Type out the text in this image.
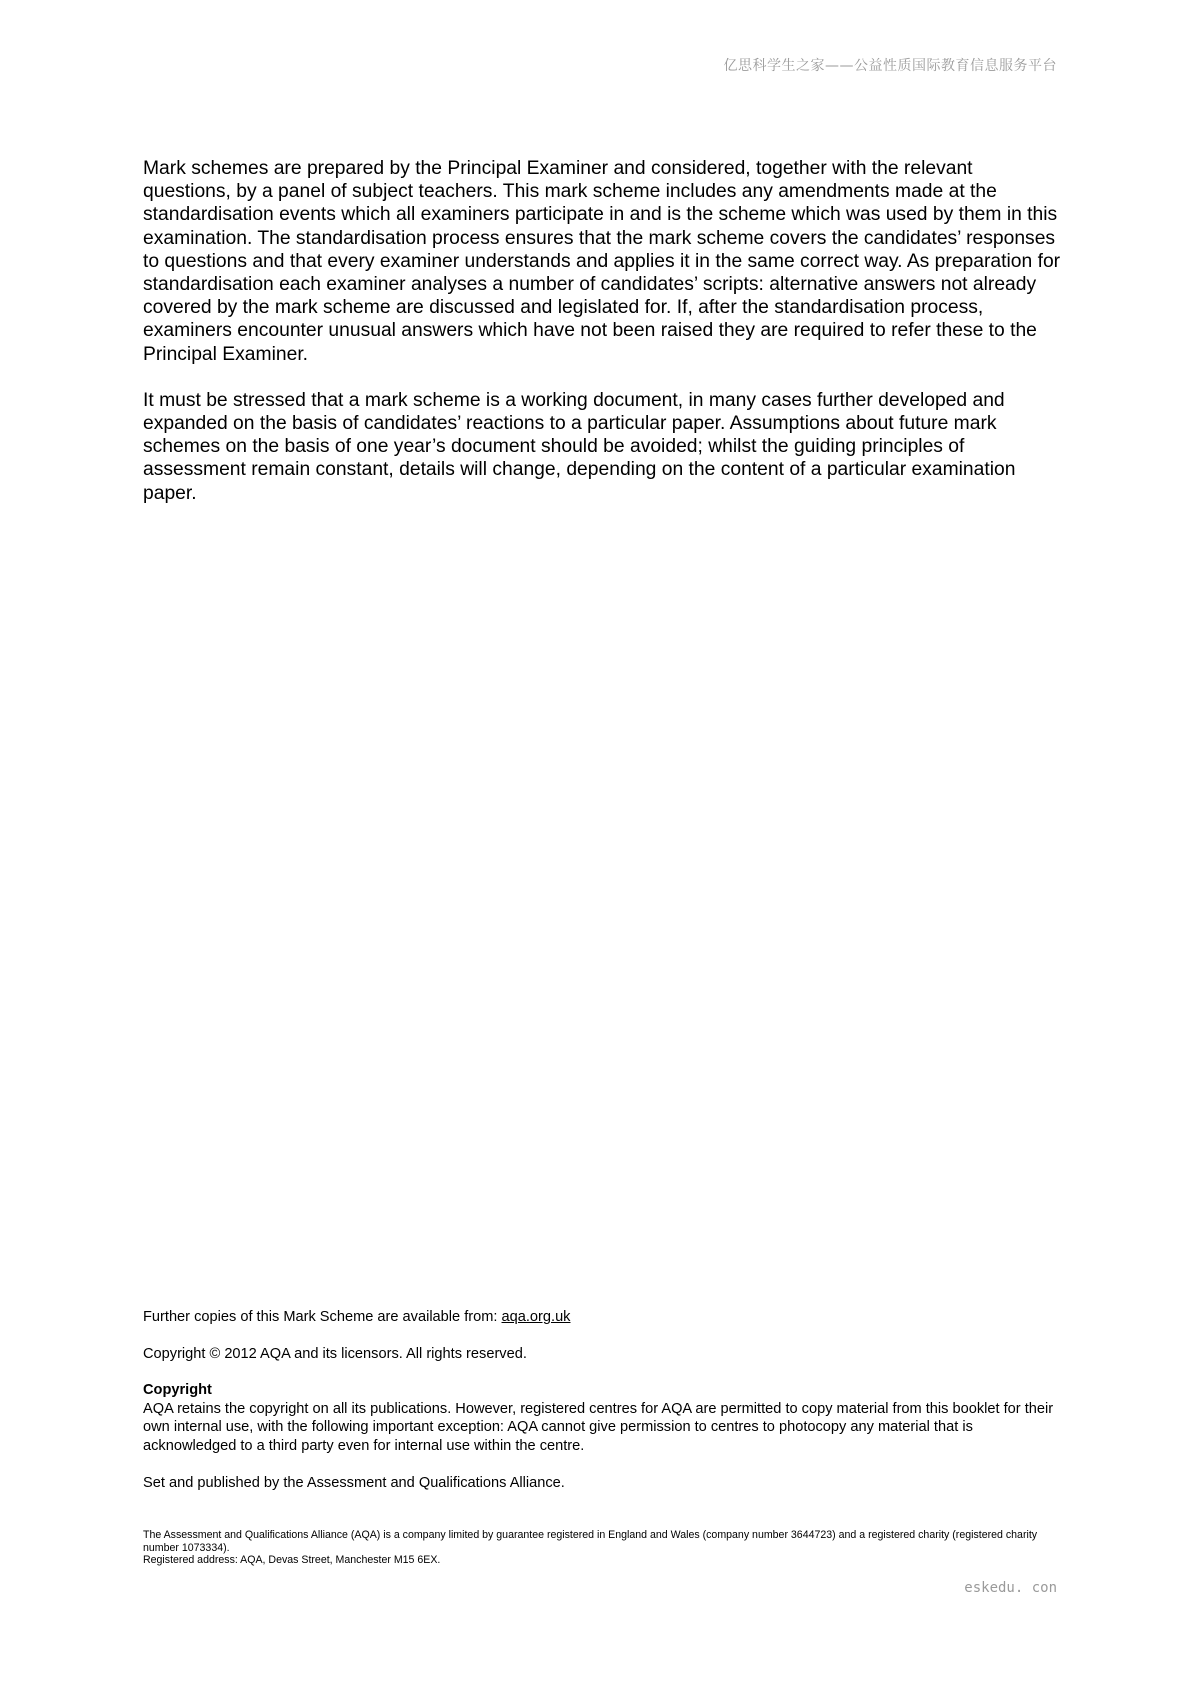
亿思科学生之家——公益性质国际教育信息服务平台

Mark schemes are prepared by the Principal Examiner and considered, together with the relevant questions, by a panel of subject teachers. This mark scheme includes any amendments made at the standardisation events which all examiners participate in and is the scheme which was used by them in this examination. The standardisation process ensures that the mark scheme covers the candidates’ responses to questions and that every examiner understands and applies it in the same correct way. As preparation for standardisation each examiner analyses a number of candidates’ scripts: alternative answers not already covered by the mark scheme are discussed and legislated for. If, after the standardisation process, examiners encounter unusual answers which have not been raised they are required to refer these to the Principal Examiner.

It must be stressed that a mark scheme is a working document, in many cases further developed and expanded on the basis of candidates’ reactions to a particular paper. Assumptions about future mark schemes on the basis of one year’s document should be avoided; whilst the guiding principles of assessment remain constant, details will change, depending on the content of a particular examination paper.

Further copies of this Mark Scheme are available from: aqa.org.uk

Copyright © 2012 AQA and its licensors. All rights reserved.

Copyright

AQA retains the copyright on all its publications. However, registered centres for AQA are permitted to copy material from this booklet for their own internal use, with the following important exception: AQA cannot give permission to centres to photocopy any material that is acknowledged to a third party even for internal use within the centre.

Set and published by the Assessment and Qualifications Alliance.

The Assessment and Qualifications Alliance (AQA) is a company limited by guarantee registered in England and Wales (company number 3644723) and a registered charity (registered charity number 1073334).

Registered address: AQA, Devas Street, Manchester M15 6EX.

eskedu. con
